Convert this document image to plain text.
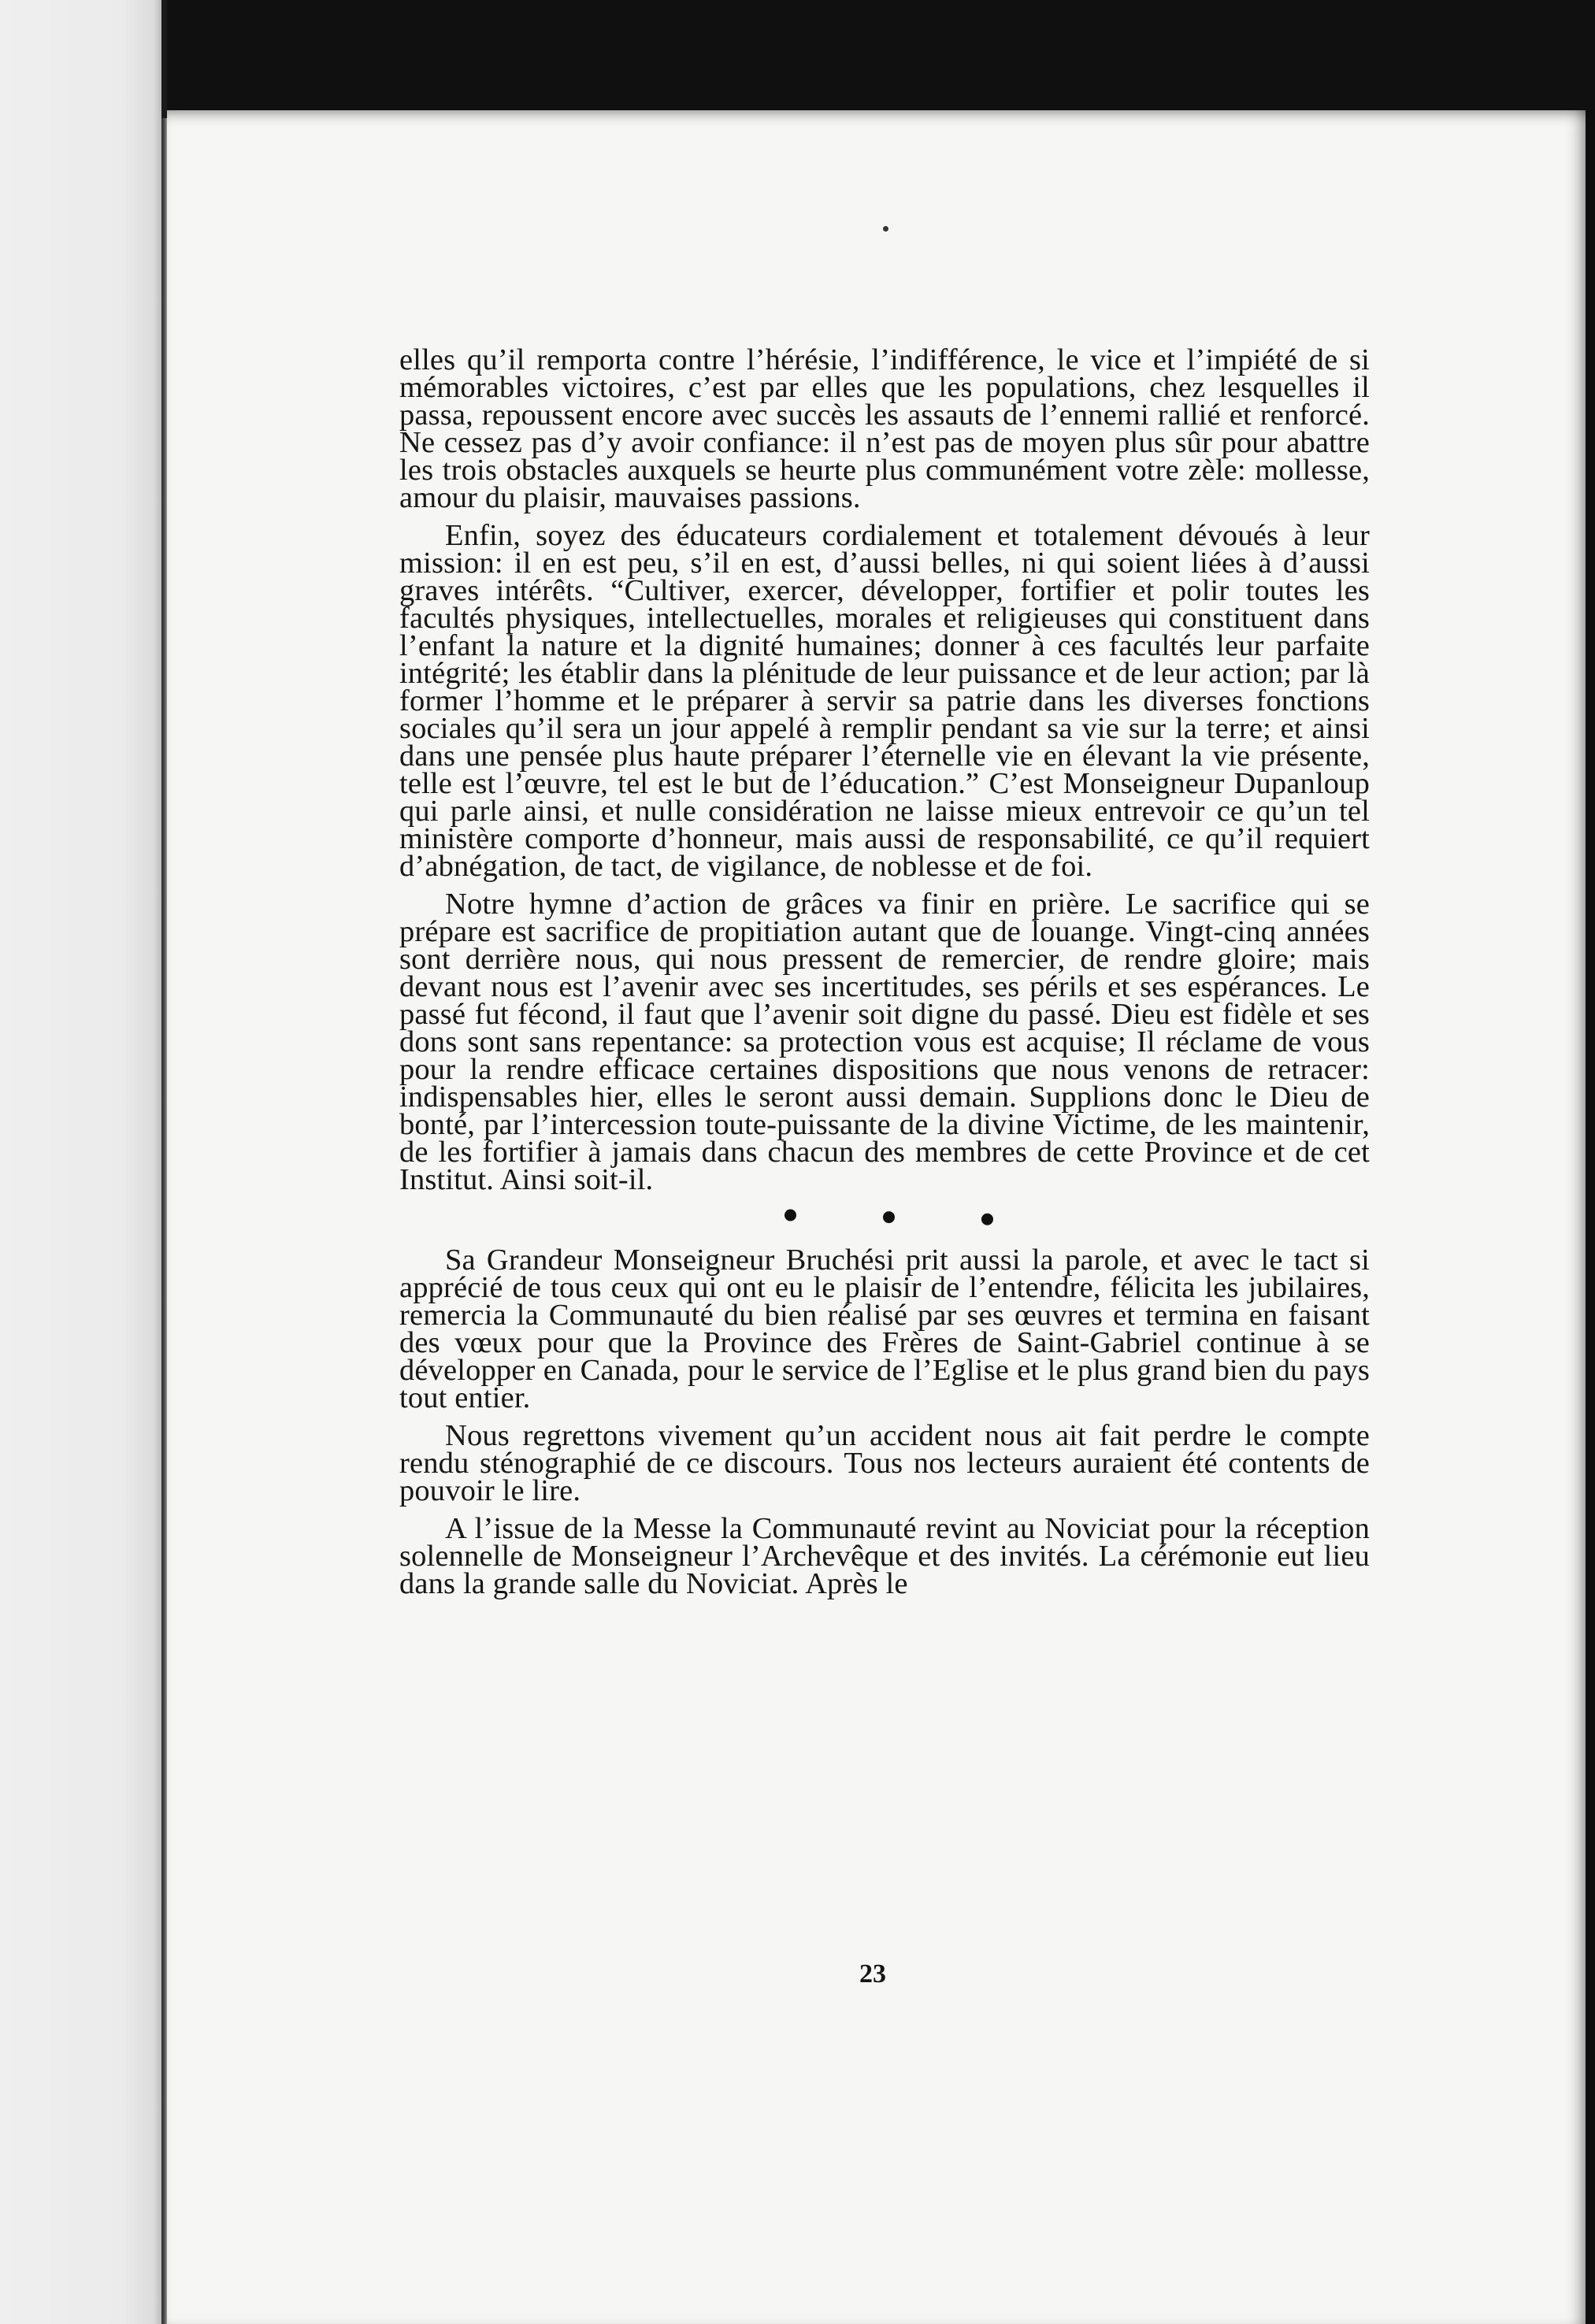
elles qu’il remporta contre l’hérésie, l’indifférence, le vice et l’impiété de si mémorables victoires, c’est par elles que les populations, chez lesquelles il passa, repoussent encore avec succès les assauts de l’ennemi rallié et renforcé. Ne cessez pas d’y avoir confiance: il n’est pas de moyen plus sûr pour abattre les trois obstacles auxquels se heurte plus communément votre zèle: mollesse, amour du plaisir, mauvaises passions.

Enfin, soyez des éducateurs cordialement et totalement dévoués à leur mission: il en est peu, s’il en est, d’aussi belles, ni qui soient liées à d’aussi graves intérêts. “Cultiver, exercer, développer, fortifier et polir toutes les facultés physiques, intellectuelles, morales et religieuses qui constituent dans l’enfant la nature et la dignité humaines; donner à ces facultés leur parfaite intégrité; les établir dans la plénitude de leur puissance et de leur action; par là former l’homme et le préparer à servir sa patrie dans les diverses fonctions sociales qu’il sera un jour appelé à remplir pendant sa vie sur la terre; et ainsi dans une pensée plus haute préparer l’éternelle vie en élevant la vie présente, telle est l’œuvre, tel est le but de l’éducation.” C’est Monseigneur Dupanloup qui parle ainsi, et nulle considération ne laisse mieux entrevoir ce qu’un tel ministère comporte d’honneur, mais aussi de responsabilité, ce qu’il requiert d’abnégation, de tact, de vigilance, de noblesse et de foi.

Notre hymne d’action de grâces va finir en prière. Le sacrifice qui se prépare est sacrifice de propitiation autant que de louange. Vingt-cinq années sont derrière nous, qui nous pressent de remercier, de rendre gloire; mais devant nous est l’avenir avec ses incertitudes, ses périls et ses espérances. Le passé fut fécond, il faut que l’avenir soit digne du passé. Dieu est fidèle et ses dons sont sans repentance: sa protection vous est acquise; Il réclame de vous pour la rendre efficace certaines dispositions que nous venons de retracer: indispensables hier, elles le seront aussi demain. Supplions donc le Dieu de bonté, par l’intercession toute-puissante de la divine Victime, de les maintenir, de les fortifier à jamais dans chacun des membres de cette Province et de cet Institut. Ainsi soit-il.

Sa Grandeur Monseigneur Bruchési prit aussi la parole, et avec le tact si apprécié de tous ceux qui ont eu le plaisir de l’entendre, félicita les jubilaires, remercia la Communauté du bien réalisé par ses œuvres et termina en faisant des vœux pour que la Province des Frères de Saint-Gabriel continue à se développer en Canada, pour le service de l’Eglise et le plus grand bien du pays tout entier.

Nous regrettons vivement qu’un accident nous ait fait perdre le compte rendu sténographié de ce discours. Tous nos lecteurs auraient été contents de pouvoir le lire.

A l’issue de la Messe la Communauté revint au Noviciat pour la réception solennelle de Monseigneur l’Archevêque et des invités. La cérémonie eut lieu dans la grande salle du Noviciat. Après le

23
